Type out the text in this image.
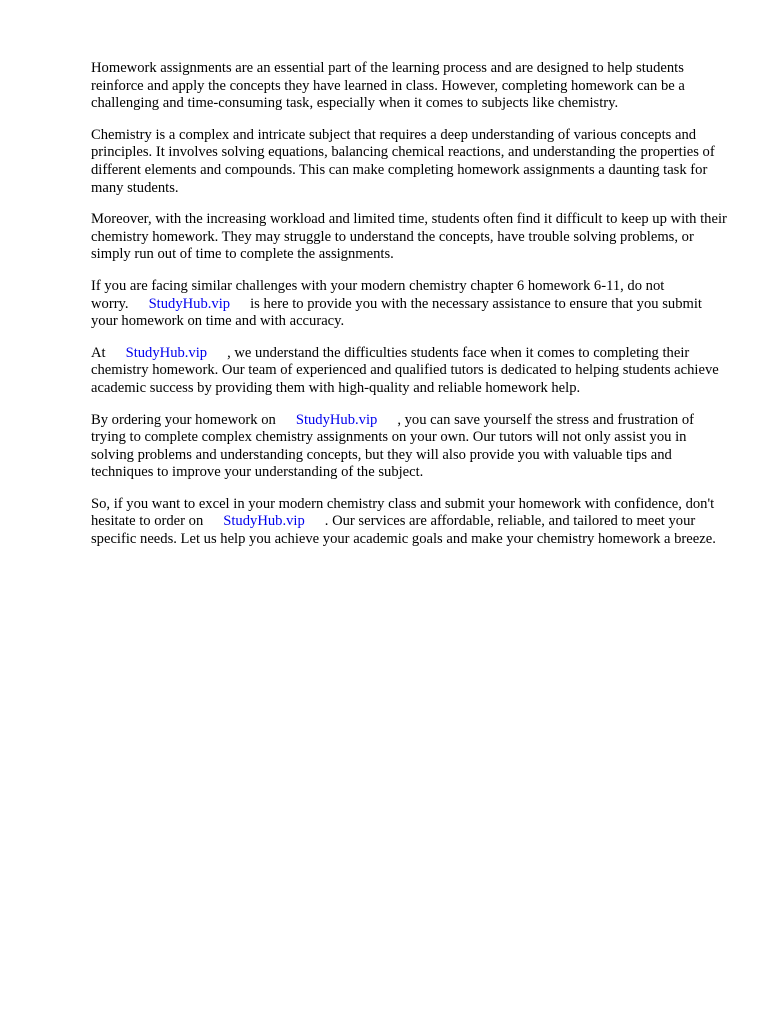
Homework assignments are an essential part of the learning process and are designed to help students reinforce and apply the concepts they have learned in class. However, completing homework can be a challenging and time-consuming task, especially when it comes to subjects like chemistry.

Chemistry is a complex and intricate subject that requires a deep understanding of various concepts and principles. It involves solving equations, balancing chemical reactions, and understanding the properties of different elements and compounds. This can make completing homework assignments a daunting task for many students.

Moreover, with the increasing workload and limited time, students often find it difficult to keep up with their chemistry homework. They may struggle to understand the concepts, have trouble solving problems, or simply run out of time to complete the assignments.

If you are facing similar challenges with your modern chemistry chapter 6 homework 6-11, do not worry. StudyHub.vip is here to provide you with the necessary assistance to ensure that you submit your homework on time and with accuracy.

At StudyHub.vip , we understand the difficulties students face when it comes to completing their chemistry homework. Our team of experienced and qualified tutors is dedicated to helping students achieve academic success by providing them with high-quality and reliable homework help.

By ordering your homework on StudyHub.vip , you can save yourself the stress and frustration of trying to complete complex chemistry assignments on your own. Our tutors will not only assist you in solving problems and understanding concepts, but they will also provide you with valuable tips and techniques to improve your understanding of the subject.

So, if you want to excel in your modern chemistry class and submit your homework with confidence, don't hesitate to order on StudyHub.vip . Our services are affordable, reliable, and tailored to meet your specific needs. Let us help you achieve your academic goals and make your chemistry homework a breeze.
